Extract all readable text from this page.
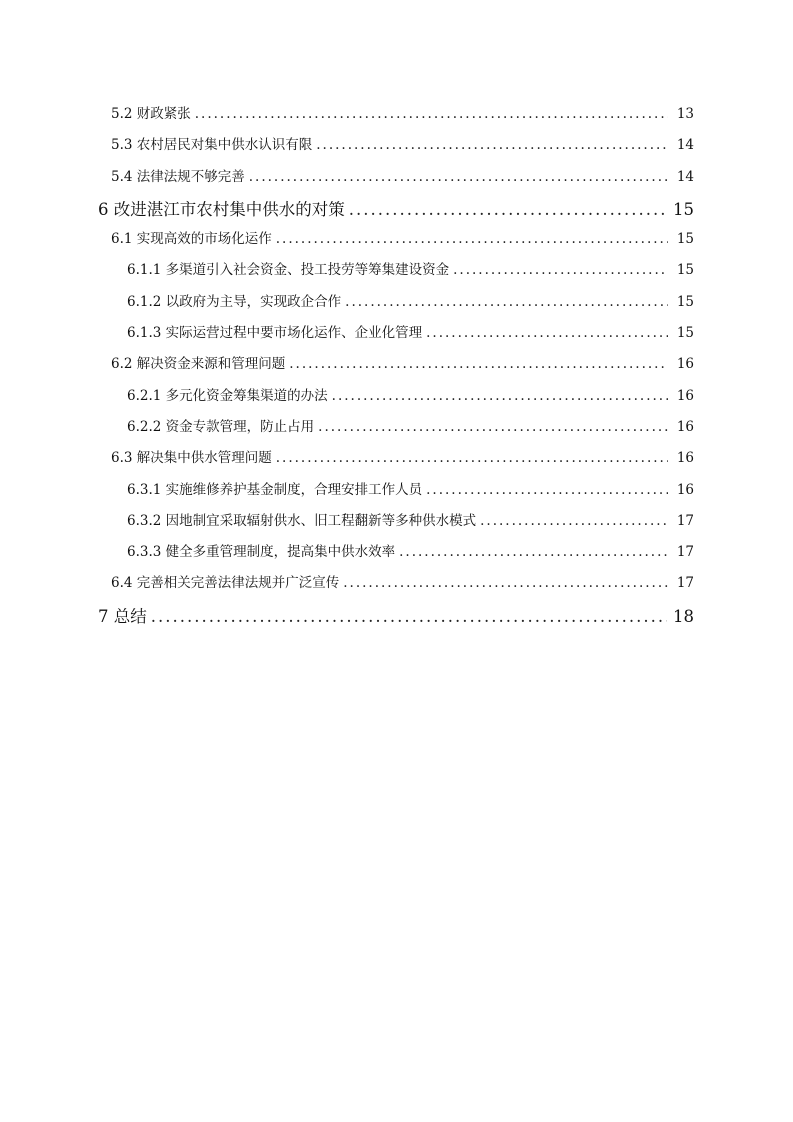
5.2 财政紧张 .....	13
5.3 农村居民对集中供水认识有限 .....	14
5.4 法律法规不够完善 .....	14
6 改进湛江市农村集中供水的对策 .....	15
6.1 实现高效的市场化运作 .....	15
6.1.1 多渠道引入社会资金、投工投劳等筹集建设资金 .....	15
6.1.2 以政府为主导，实现政企合作 .....	15
6.1.3 实际运营过程中要市场化运作、企业化管理 .....	15
6.2 解决资金来源和管理问题 .....	16
6.2.1 多元化资金筹集渠道的办法 .....	16
6.2.2 资金专款管理，防止占用 .....	16
6.3 解决集中供水管理问题 .....	16
6.3.1 实施维修养护基金制度，合理安排工作人员 .....	16
6.3.2 因地制宜采取辐射供水、旧工程翻新等多种供水模式 .....	17
6.3.3 健全多重管理制度，提高集中供水效率 .....	17
6.4 完善相关完善法律法规并广泛宣传 .....	17
7 总结 .....	18
